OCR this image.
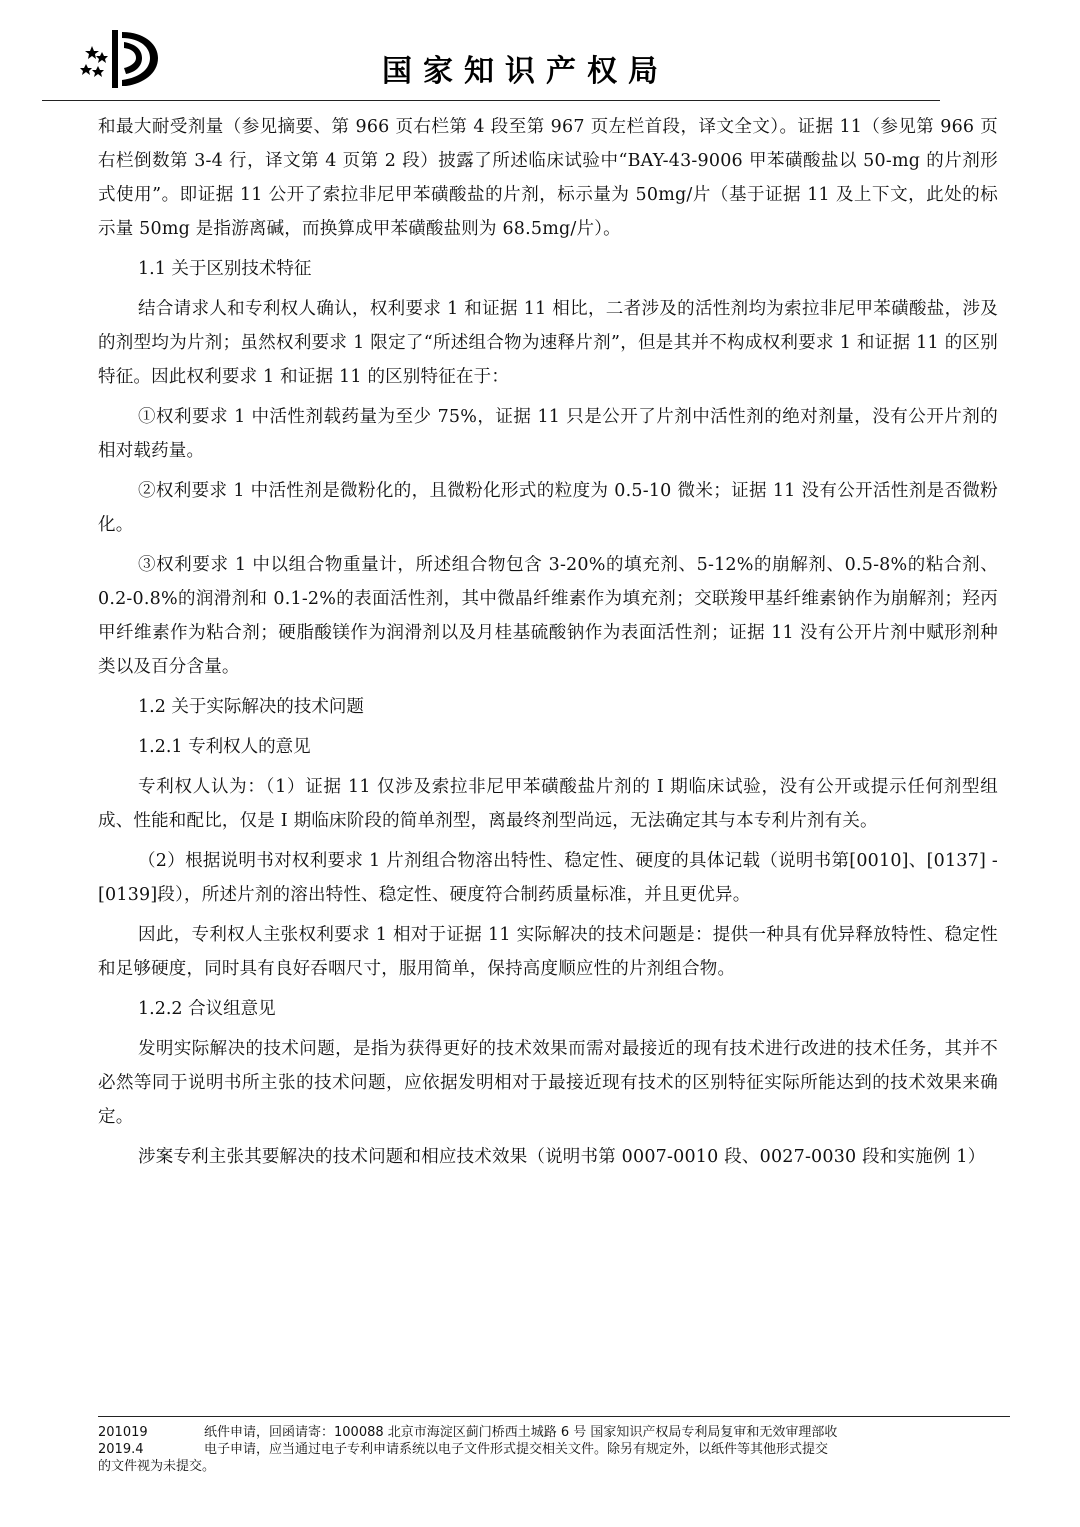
国家知识产权局

和最大耐受剂量（参见摘要、第 966 页右栏第 4 段至第 967 页左栏首段，译文全文）。证据 11（参见第 966 页右栏倒数第 3-4 行，译文第 4 页第 2 段）披露了所述临床试验中“BAY-43-9006 甲苯磺酸盐以 50-mg 的片剂形式使用”。即证据 11 公开了索拉非尼甲苯磺酸盐的片剂，标示量为 50mg/片（基于证据 11 及上下文，此处的标示量 50mg 是指游离碱，而换算成甲苯磺酸盐则为 68.5mg/片）。

1.1 关于区别技术特征

结合请求人和专利权人确认，权利要求 1 和证据 11 相比，二者涉及的活性剂均为索拉非尼甲苯磺酸盐，涉及的剂型均为片剂；虽然权利要求 1 限定了“所述组合物为速释片剂”，但是其并不构成权利要求 1 和证据 11 的区别特征。因此权利要求 1 和证据 11 的区别特征在于：

①权利要求 1 中活性剂载药量为至少 75%，证据 11 只是公开了片剂中活性剂的绝对剂量，没有公开片剂的相对载药量。

②权利要求 1 中活性剂是微粉化的，且微粉化形式的粒度为 0.5-10 微米；证据 11 没有公开活性剂是否微粉化。

③权利要求 1 中以组合物重量计，所述组合物包含 3-20%的填充剂、5-12%的崩解剂、0.5-8%的粘合剂、0.2-0.8%的润滑剂和 0.1-2%的表面活性剂，其中微晶纤维素作为填充剂；交联羧甲基纤维素钠作为崩解剂；羟丙甲纤维素作为粘合剂；硬脂酸镁作为润滑剂以及月桂基硫酸钠作为表面活性剂；证据 11 没有公开片剂中赋形剂种类以及百分含量。

1.2 关于实际解决的技术问题

1.2.1 专利权人的意见

专利权人认为：（1）证据 11 仅涉及索拉非尼甲苯磺酸盐片剂的 I 期临床试验，没有公开或提示任何剂型组成、性能和配比，仅是 I 期临床阶段的简单剂型，离最终剂型尚远，无法确定其与本专利片剂有关。

（2）根据说明书对权利要求 1 片剂组合物溶出特性、稳定性、硬度的具体记载（说明书第[0010]、[0137] - [0139]段），所述片剂的溶出特性、稳定性、硬度符合制药质量标准，并且更优异。

因此，专利权人主张权利要求 1 相对于证据 11 实际解决的技术问题是：提供一种具有优异释放特性、稳定性和足够硬度，同时具有良好吞咽尺寸，服用简单，保持高度顺应性的片剂组合物。

1.2.2 合议组意见

发明实际解决的技术问题，是指为获得更好的技术效果而需对最接近的现有技术进行改进的技术任务，其并不必然等同于说明书所主张的技术问题，应依据发明相对于最接近现有技术的区别特征实际所能达到的技术效果来确定。

涉案专利主张其要解决的技术问题和相应技术效果（说明书第 0007-0010 段、0027-0030 段和实施例 1）

201019	纸件申请，回函请寄：100088 北京市海淀区蓟门桥西土城路 6 号 国家知识产权局专利局复审和无效审理部收
2019.4	电子申请，应当通过电子专利申请系统以电子文件形式提交相关文件。除另有规定外，以纸件等其他形式提交
的文件视为未提交。
